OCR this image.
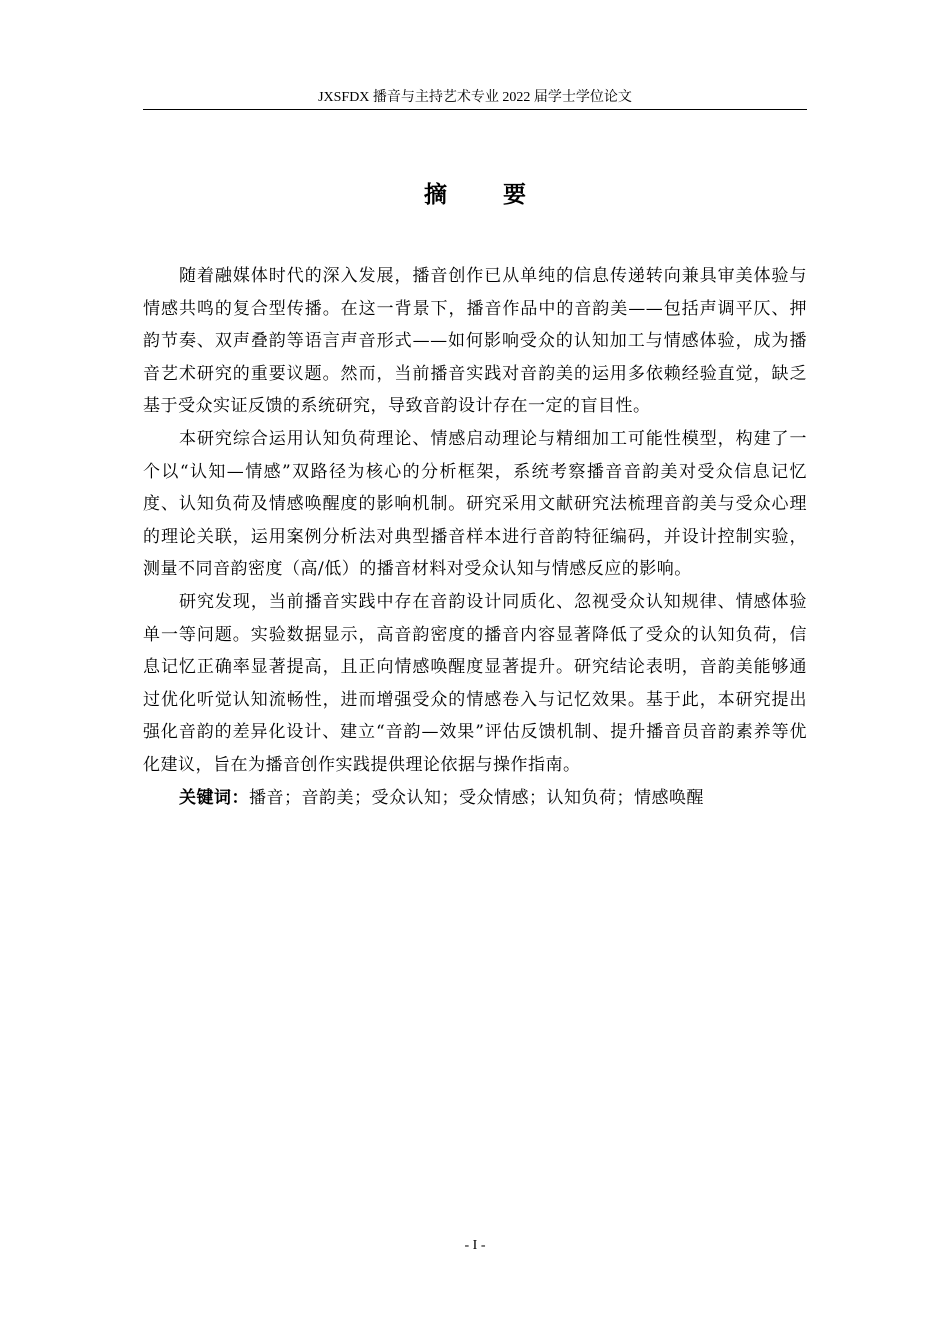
JXSFDX 播音与主持艺术专业 2022 届学士学位论文
摘 要

随着融媒体时代的深入发展，播音创作已从单纯的信息传递转向兼具审美体验与情感共鸣的复合型传播。在这一背景下，播音作品中的音韵美——包括声调平仄、押韵节奏、双声叠韵等语言声音形式——如何影响受众的认知加工与情感体验，成为播音艺术研究的重要议题。然而，当前播音实践对音韵美的运用多依赖经验直觉，缺乏基于受众实证反馈的系统研究，导致音韵设计存在一定的盲目性。

本研究综合运用认知负荷理论、情感启动理论与精细加工可能性模型，构建了一个以“认知—情感”双路径为核心的分析框架，系统考察播音音韵美对受众信息记忆度、认知负荷及情感唤醒度的影响机制。研究采用文献研究法梳理音韵美与受众心理的理论关联，运用案例分析法对典型播音样本进行音韵特征编码，并设计控制实验，测量不同音韵密度（高/低）的播音材料对受众认知与情感反应的影响。

研究发现，当前播音实践中存在音韵设计同质化、忽视受众认知规律、情感体验单一等问题。实验数据显示，高音韵密度的播音内容显著降低了受众的认知负荷，信息记忆正确率显著提高，且正向情感唤醒度显著提升。研究结论表明，音韵美能够通过优化听觉认知流畅性，进而增强受众的情感卷入与记忆效果。基于此，本研究提出强化音韵的差异化设计、建立“音韵—效果”评估反馈机制、提升播音员音韵素养等优化建议，旨在为播音创作实践提供理论依据与操作指南。

关键词：播音；音韵美；受众认知；受众情感；认知负荷；情感唤醒

- I -
